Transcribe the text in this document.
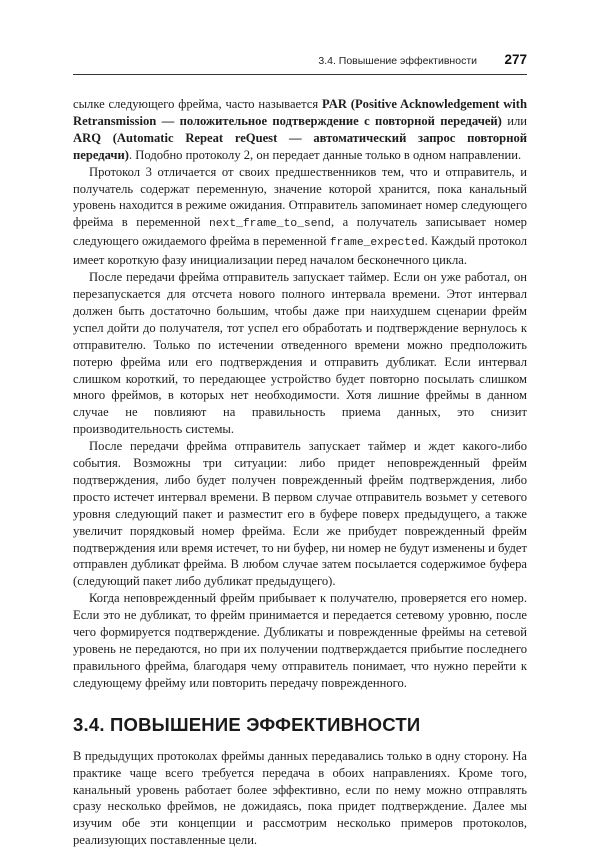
3.4. Повышение эффективности 277

сылке следующего фрейма, часто называется PAR (Positive Acknowledgement with Retransmission — положительное подтверждение с повторной передачей) или ARQ (Automatic Repeat reQuest — автоматический запрос повторной передачи). Подобно протоколу 2, он передает данные только в одном направлении.

Протокол 3 отличается от своих предшественников тем, что и отправитель, и получатель содержат переменную, значение которой хранится, пока канальный уровень находится в режиме ожидания. Отправитель запоминает номер следующего фрейма в переменной next_frame_to_send, а получатель записывает номер следующего ожидаемого фрейма в переменной frame_expected. Каждый протокол имеет короткую фазу инициализации перед началом бесконечного цикла.

После передачи фрейма отправитель запускает таймер. Если он уже работал, он перезапускается для отсчета нового полного интервала времени. Этот интервал должен быть достаточно большим, чтобы даже при наихудшем сценарии фрейм успел дойти до получателя, тот успел его обработать и подтверждение вернулось к отправителю. Только по истечении отведенного времени можно предположить потерю фрейма или его подтверждения и отправить дубликат. Если интервал слишком короткий, то передающее устройство будет повторно посылать слишком много фреймов, в которых нет необходимости. Хотя лишние фреймы в данном случае не повлияют на правильность приема данных, это снизит производительность системы.

После передачи фрейма отправитель запускает таймер и ждет какого-либо события. Возможны три ситуации: либо придет неповрежденный фрейм подтверждения, либо будет получен поврежденный фрейм подтверждения, либо просто истечет интервал времени. В первом случае отправитель возьмет у сетевого уровня следующий пакет и разместит его в буфере поверх предыдущего, а также увеличит порядковый номер фрейма. Если же прибудет поврежденный фрейм подтверждения или время истечет, то ни буфер, ни номер не будут изменены и будет отправлен дубликат фрейма. В любом случае затем посылается содержимое буфера (следующий пакет либо дубликат предыдущего).

Когда неповрежденный фрейм прибывает к получателю, проверяется его номер. Если это не дубликат, то фрейм принимается и передается сетевому уровню, после чего формируется подтверждение. Дубликаты и поврежденные фреймы на сетевой уровень не передаются, но при их получении подтверждается прибытие последнего правильного фрейма, благодаря чему отправитель понимает, что нужно перейти к следующему фрейму или повторить передачу поврежденного.

3.4. ПОВЫШЕНИЕ ЭФФЕКТИВНОСТИ

В предыдущих протоколах фреймы данных передавались только в одну сторону. На практике чаще всего требуется передача в обоих направлениях. Кроме того, канальный уровень работает более эффективно, если по нему можно отправлять сразу несколько фреймов, не дожидаясь, пока придет подтверждение. Далее мы изучим обе эти концепции и рассмотрим несколько примеров протоколов, реализующих поставленные цели.
